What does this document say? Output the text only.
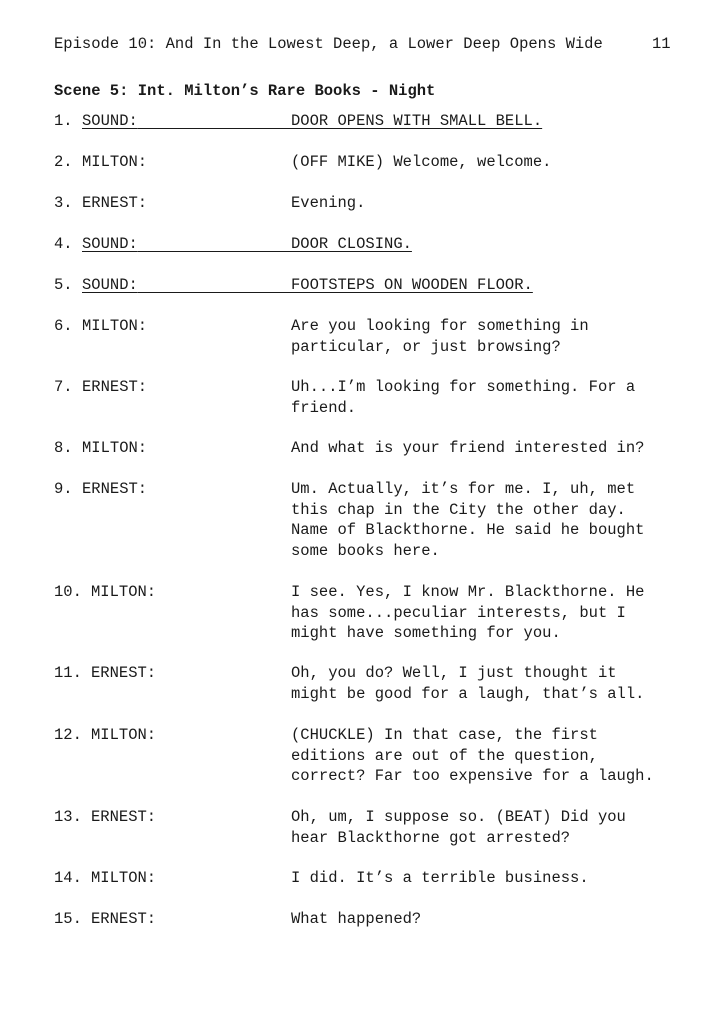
Episode 10: And In the Lowest Deep, a Lower Deep Opens Wide	11
Scene 5: Int. Milton’s Rare Books - Night
1. SOUND:	DOOR OPENS WITH SMALL BELL.
2. MILTON:	(OFF MIKE) Welcome, welcome.
3. ERNEST:	Evening.
4. SOUND:	DOOR CLOSING.
5. SOUND:	FOOTSTEPS ON WOODEN FLOOR.
6. MILTON:	Are you looking for something in
particular, or just browsing?
7. ERNEST:	Uh...I’m looking for something. For a
friend.
8. MILTON:	And what is your friend interested in?
9. ERNEST:	Um. Actually, it’s for me. I, uh, met
this chap in the City the other day.
Name of Blackthorne. He said he bought
some books here.
10. MILTON:	I see. Yes, I know Mr. Blackthorne. He
has some...peculiar interests, but I
might have something for you.
11. ERNEST:	Oh, you do? Well, I just thought it
might be good for a laugh, that’s all.
12. MILTON:	(CHUCKLE) In that case, the first
editions are out of the question,
correct? Far too expensive for a laugh.
13. ERNEST:	Oh, um, I suppose so. (BEAT) Did you
hear Blackthorne got arrested?
14. MILTON:	I did. It’s a terrible business.
15. ERNEST:	What happened?
